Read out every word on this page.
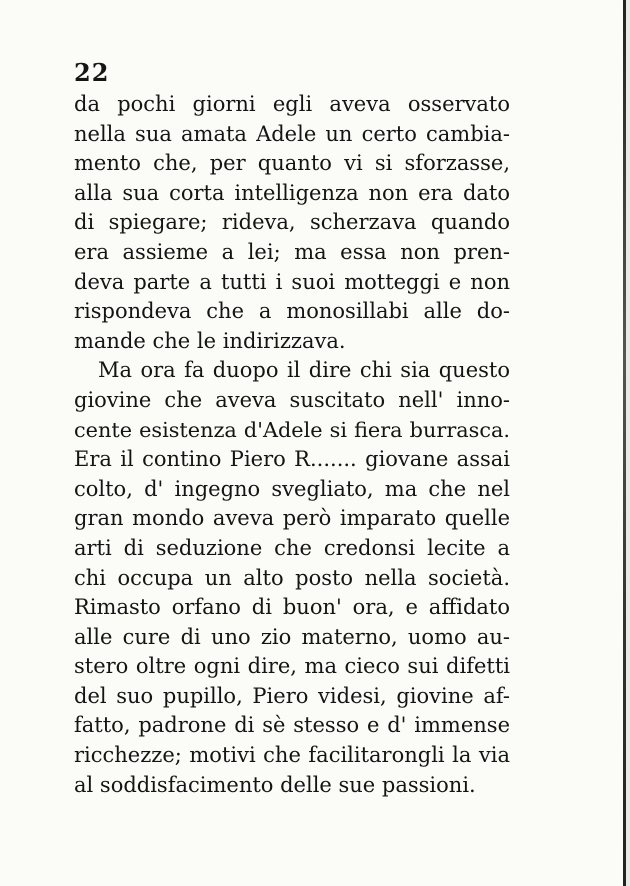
22
da pochi giorni egli aveva osservato
nella sua amata Adele un certo cambia-
mento che, per quanto vi si sforzasse,
alla sua corta intelligenza non era dato
di spiegare; rideva, scherzava quando
era assieme a lei; ma essa non pren-
deva parte a tutti i suoi motteggi e non
rispondeva che a monosillabi alle do-
mande che le indirizzava.
Ma ora fa duopo il dire chi sia questo
giovine che aveva suscitato nell' inno-
cente esistenza d'Adele si fiera burrasca.
Era il contino Piero R....... giovane assai
colto, d' ingegno svegliato, ma che nel
gran mondo aveva però imparato quelle
arti di seduzione che credonsi lecite a
chi occupa un alto posto nella società.
Rimasto orfano di buon' ora, e affidato
alle cure di uno zio materno, uomo au-
stero oltre ogni dire, ma cieco sui difetti
del suo pupillo, Piero videsi, giovine af-
fatto, padrone di sè stesso e d' immense
ricchezze; motivi che facilitarongli la via
al soddisfacimento delle sue passioni.
